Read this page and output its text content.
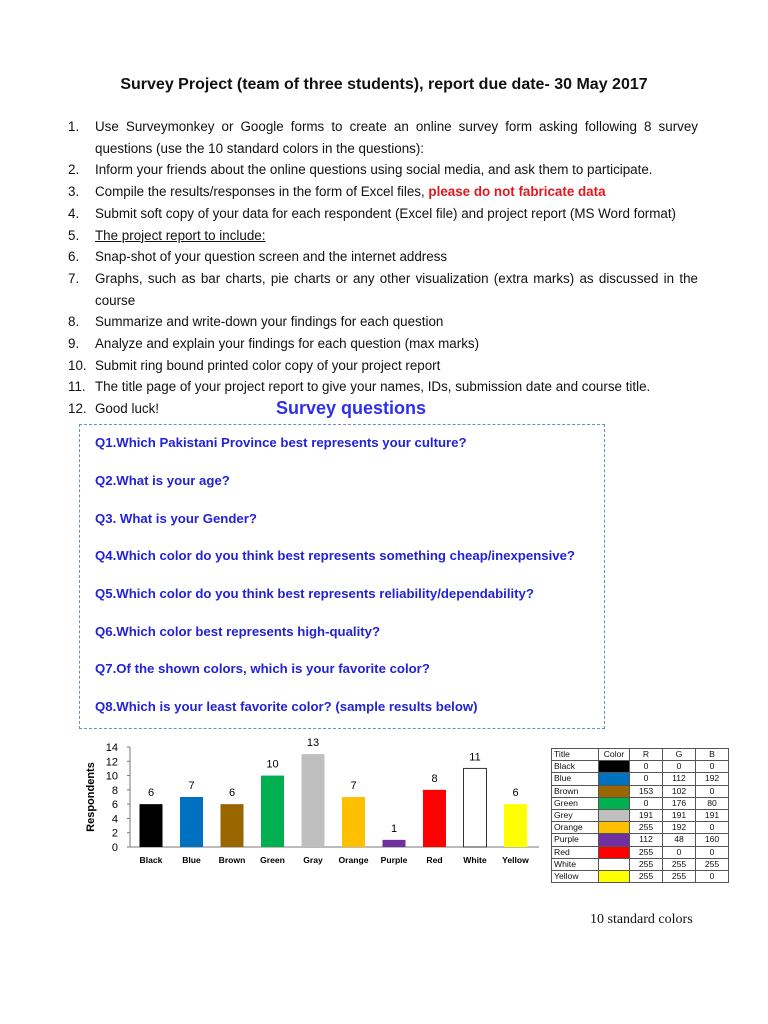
Survey Project (team of three students), report due date- 30 May 2017
1. Use Surveymonkey or Google forms to create an online survey form asking following 8 survey questions (use the 10 standard colors in the questions):
2. Inform your friends about the online questions using social media, and ask them to participate.
3. Compile the results/responses in the form of Excel files, please do not fabricate data
4. Submit soft copy of your data for each respondent (Excel file) and project report (MS Word format)
5. The project report to include:
6. Snap-shot of your question screen and the internet address
7. Graphs, such as bar charts, pie charts or any other visualization (extra marks) as discussed in the course
8. Summarize and write-down your findings for each question
9. Analyze and explain your findings for each question (max marks)
10. Submit ring bound printed color copy of your project report
11. The title page of your project report to give your names, IDs, submission date and course title.
12. Good luck!	Survey questions
Q1.Which Pakistani Province best represents your culture?
Q2.What is your age?
Q3. What is your Gender?
Q4.Which color do you think best represents something cheap/inexpensive?
Q5.Which color do you think best represents reliability/dependability?
Q6.Which color best represents high-quality?
Q7.Of the shown colors, which is your favorite color?
Q8.Which is your least favorite color? (sample results below)
Respondents
0
2
4
6
8
10
12
14
6
Black
7
Blue
6
Brown
10
Green
13
Gray
7
Orange
1
Purple
8
Red
11
White
6
Yellow
Title	Color	R	G	B
Black		0	0	0
Blue		0	112	192
Brown		153	102	0
Green		0	176	80
Grey		191	191	191
Orange		255	192	0
Purple		112	48	160
Red		255	0	0
White		255	255	255
Yellow		255	255	0
10 standard colors
